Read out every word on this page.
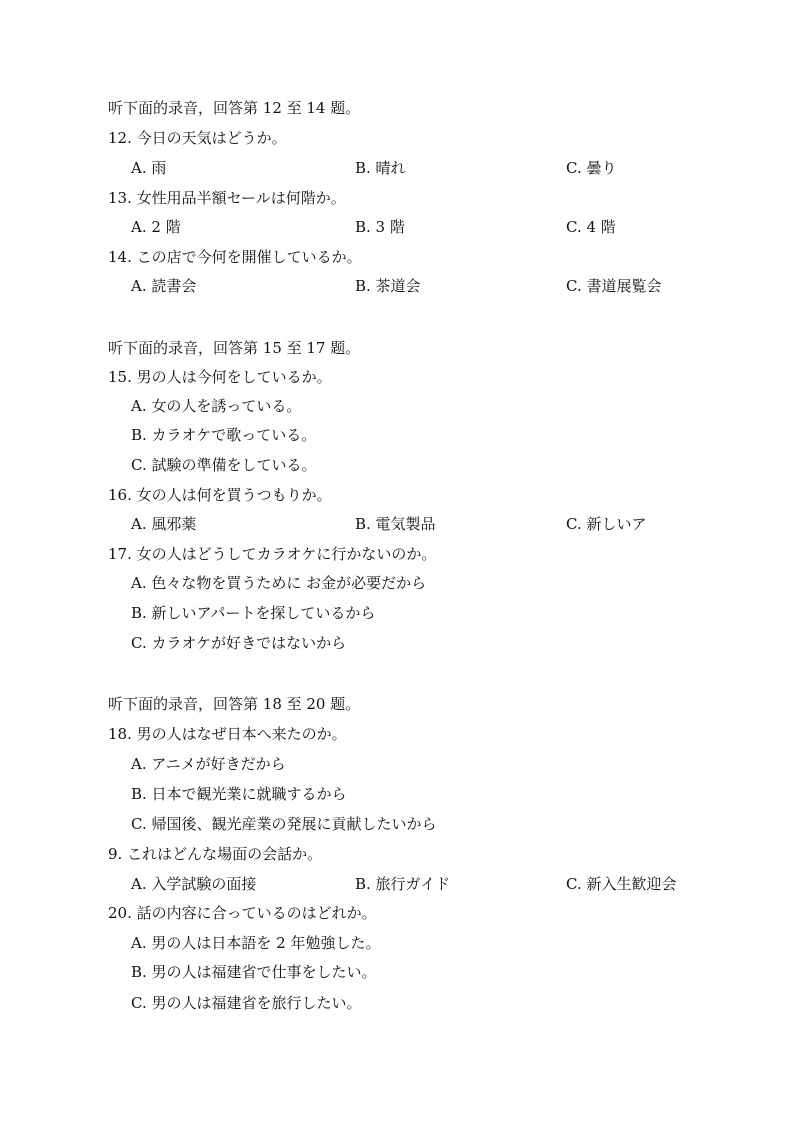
听下面的录音，回答第 12 至 14 题。
12. 今日の天気はどうか。
A. 雨	B. 晴れ	C. 曇り
13. 女性用品半額セールは何階か。
A. 2 階	B. 3 階	C. 4 階
14. この店で今何を開催しているか。
A. 読書会	B. 茶道会	C. 書道展覧会
听下面的录音，回答第 15 至 17 题。
15. 男の人は今何をしているか。
A. 女の人を誘っている。
B. カラオケで歌っている。
C. 試験の準備をしている。
16. 女の人は何を買うつもりか。
A. 風邪薬	B. 電気製品	C. 新しいア
17. 女の人はどうしてカラオケに行かないのか。
A. 色々な物を買うために お金が必要だから
B. 新しいアパートを探しているから
C. カラオケが好きではないから
听下面的录音，回答第 18 至 20 题。
18. 男の人はなぜ日本へ来たのか。
A. アニメが好きだから
B. 日本で観光業に就職するから
C. 帰国後、観光産業の発展に貢献したいから
9. これはどんな場面の会話か。
A. 入学試験の面接	B. 旅行ガイド	C. 新入生歓迎会
20. 話の内容に合っているのはどれか。
A. 男の人は日本語を 2 年勉強した。
B. 男の人は福建省で仕事をしたい。
C. 男の人は福建省を旅行したい。
